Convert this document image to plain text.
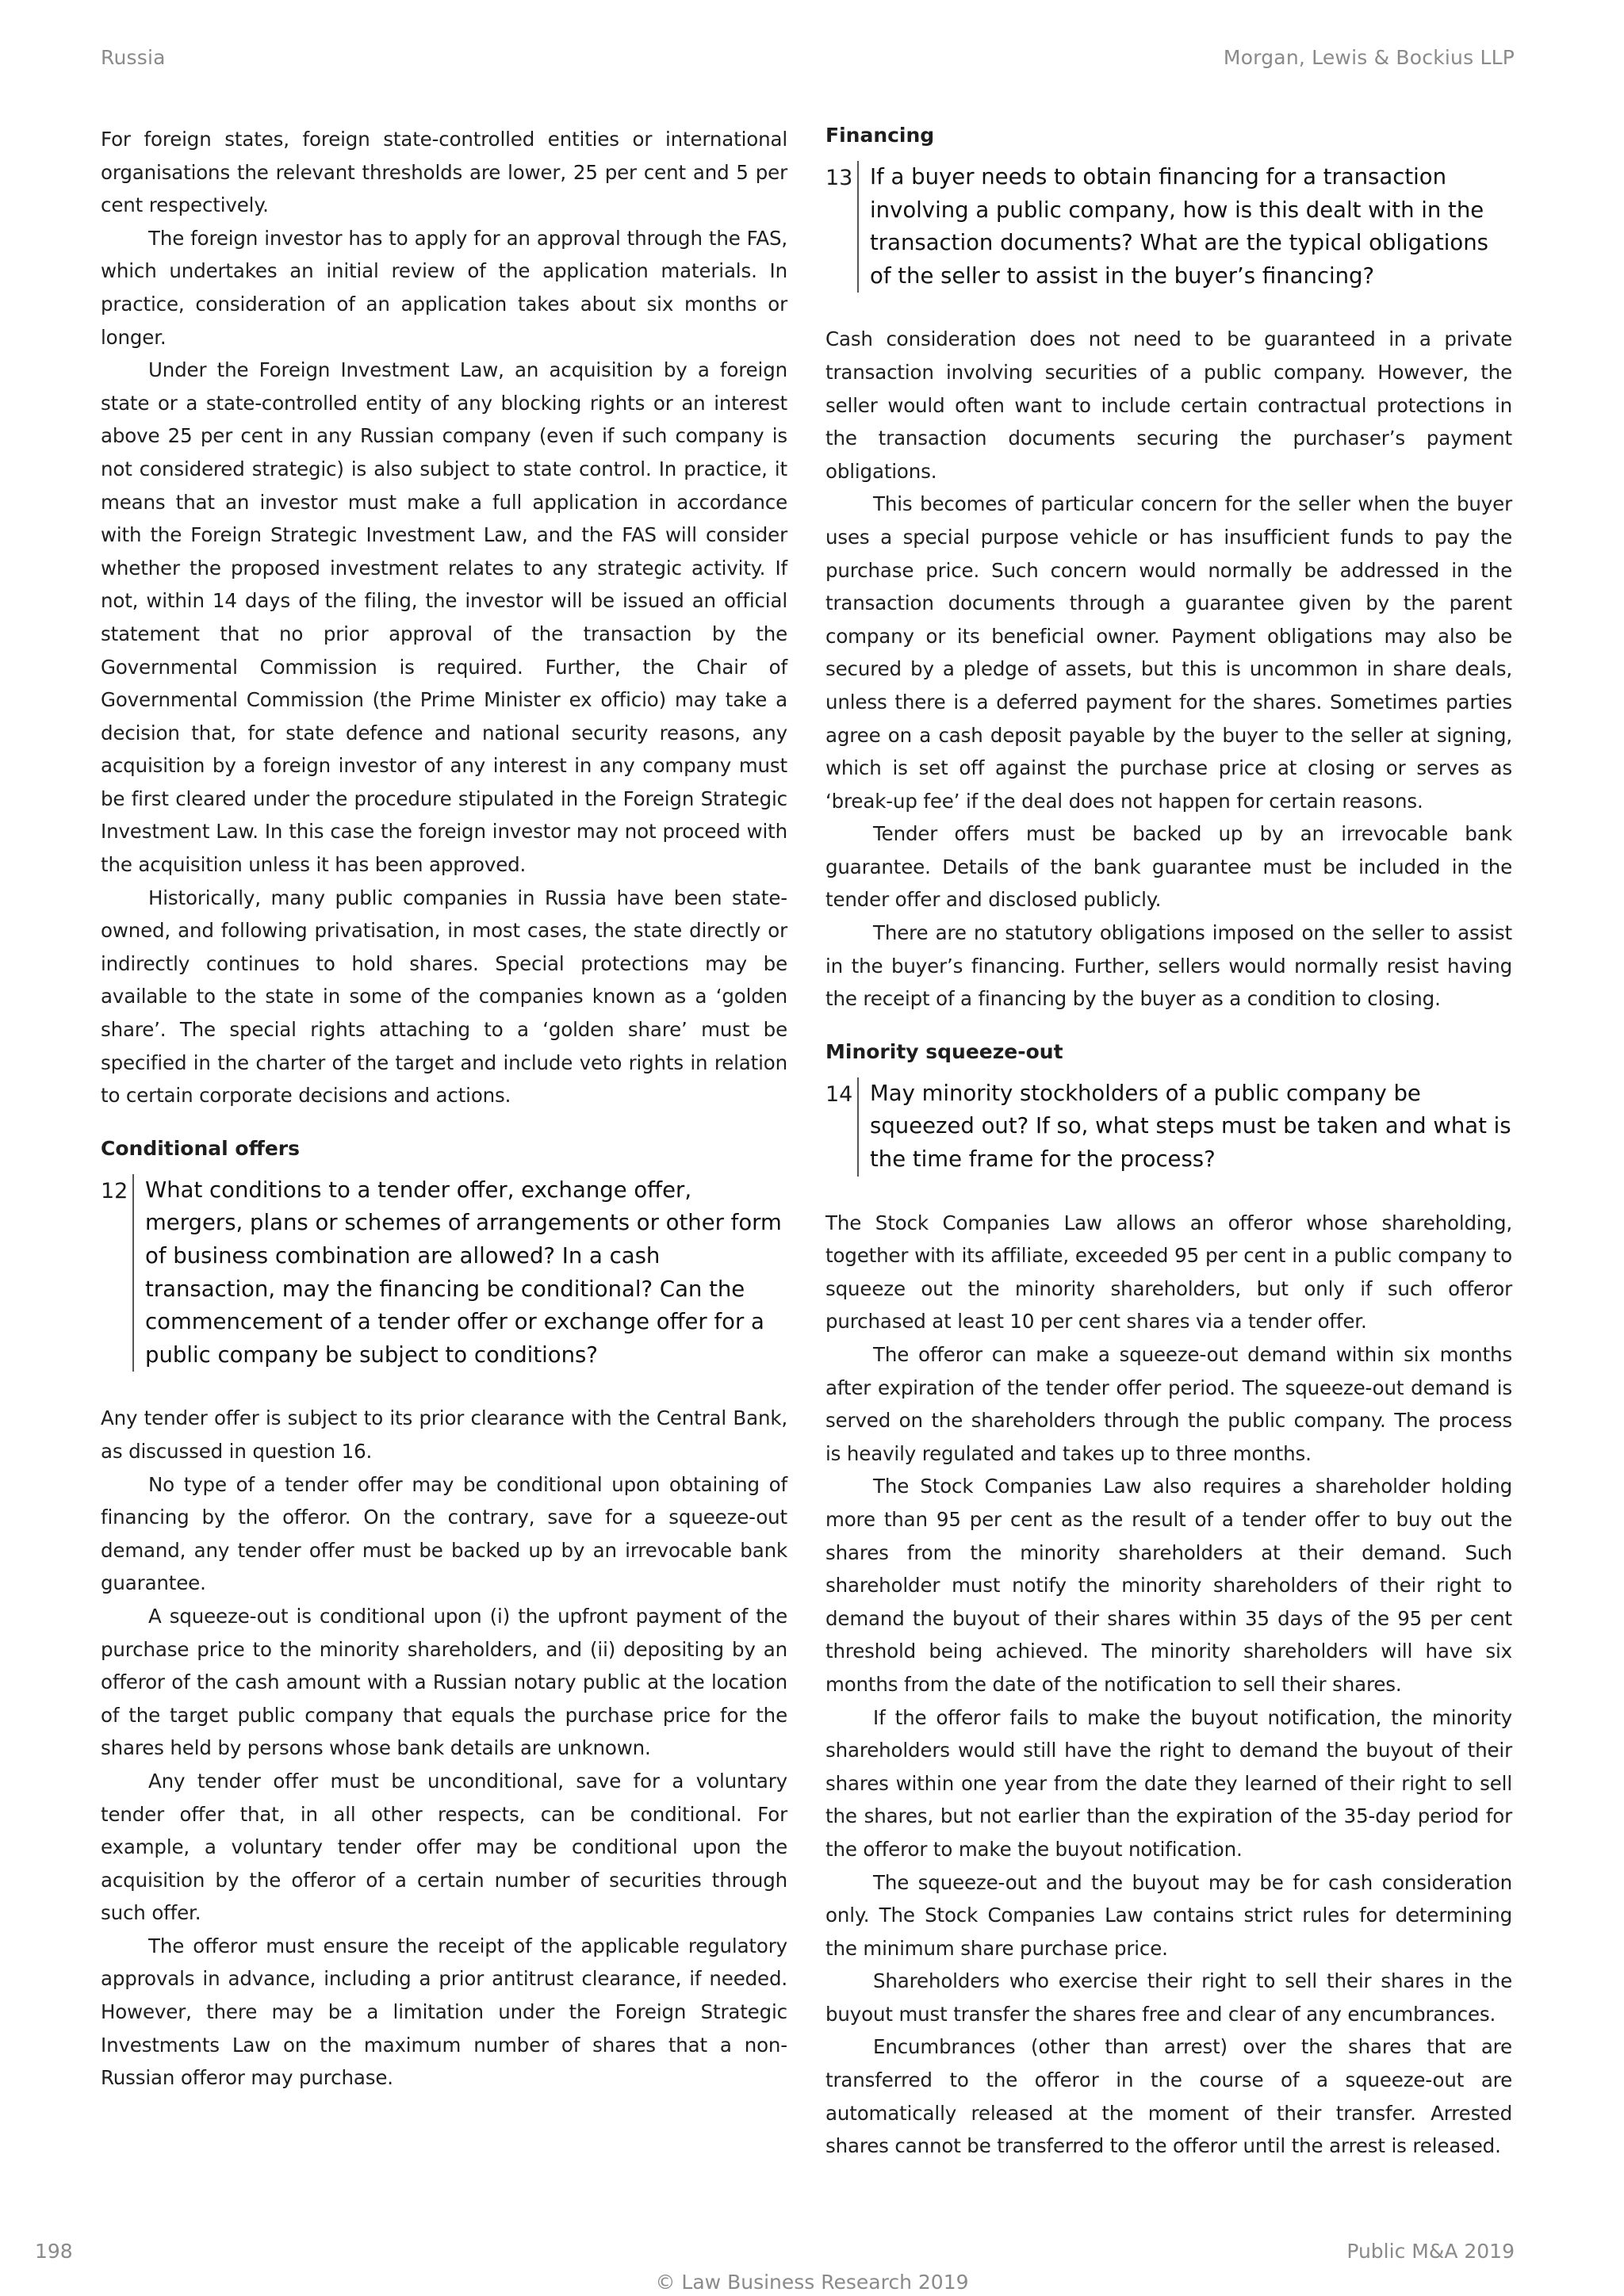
Russia	Morgan, Lewis & Bockius LLP

For foreign states, foreign state-controlled entities or international organisations the relevant thresholds are lower, 25 per cent and 5 per cent respectively.

The foreign investor has to apply for an approval through the FAS, which undertakes an initial review of the application materials. In practice, consideration of an application takes about six months or longer.

Under the Foreign Investment Law, an acquisition by a foreign state or a state-controlled entity of any blocking rights or an interest above 25 per cent in any Russian company (even if such company is not considered strategic) is also subject to state control. In practice, it means that an investor must make a full application in accordance with the Foreign Strategic Investment Law, and the FAS will consider whether the proposed investment relates to any strategic activity. If not, within 14 days of the filing, the investor will be issued an official statement that no prior approval of the transaction by the Governmental Commission is required. Further, the Chair of Governmental Commission (the Prime Minister ex officio) may take a decision that, for state defence and national security reasons, any acquisition by a foreign investor of any interest in any company must be first cleared under the procedure stipulated in the Foreign Strategic Investment Law. In this case the foreign investor may not proceed with the acquisition unless it has been approved.

Historically, many public companies in Russia have been state-owned, and following privatisation, in most cases, the state directly or indirectly continues to hold shares. Special protections may be available to the state in some of the companies known as a ‘golden share’. The special rights attaching to a ‘golden share’ must be specified in the charter of the target and include veto rights in relation to certain corporate decisions and actions.

Conditional offers
12 What conditions to a tender offer, exchange offer, mergers, plans or schemes of arrangements or other form of business combination are allowed? In a cash transaction, may the financing be conditional? Can the commencement of a tender offer or exchange offer for a public company be subject to conditions?

Any tender offer is subject to its prior clearance with the Central Bank, as discussed in question 16.

No type of a tender offer may be conditional upon obtaining of financing by the offeror. On the contrary, save for a squeeze-out demand, any tender offer must be backed up by an irrevocable bank guarantee.

A squeeze-out is conditional upon (i) the upfront payment of the purchase price to the minority shareholders, and (ii) depositing by an offeror of the cash amount with a Russian notary public at the location of the target public company that equals the purchase price for the shares held by persons whose bank details are unknown.

Any tender offer must be unconditional, save for a voluntary tender offer that, in all other respects, can be conditional. For example, a voluntary tender offer may be conditional upon the acquisition by the offeror of a certain number of securities through such offer.

The offeror must ensure the receipt of the applicable regulatory approvals in advance, including a prior antitrust clearance, if needed. However, there may be a limitation under the Foreign Strategic Investments Law on the maximum number of shares that a non-Russian offeror may purchase.

Financing
13 If a buyer needs to obtain financing for a transaction involving a public company, how is this dealt with in the transaction documents? What are the typical obligations of the seller to assist in the buyer’s financing?

Cash consideration does not need to be guaranteed in a private transaction involving securities of a public company. However, the seller would often want to include certain contractual protections in the transaction documents securing the purchaser’s payment obligations.

This becomes of particular concern for the seller when the buyer uses a special purpose vehicle or has insufficient funds to pay the purchase price. Such concern would normally be addressed in the transaction documents through a guarantee given by the parent company or its beneficial owner. Payment obligations may also be secured by a pledge of assets, but this is uncommon in share deals, unless there is a deferred payment for the shares. Sometimes parties agree on a cash deposit payable by the buyer to the seller at signing, which is set off against the purchase price at closing or serves as ‘break-up fee’ if the deal does not happen for certain reasons.

Tender offers must be backed up by an irrevocable bank guarantee. Details of the bank guarantee must be included in the tender offer and disclosed publicly.

There are no statutory obligations imposed on the seller to assist in the buyer’s financing. Further, sellers would normally resist having the receipt of a financing by the buyer as a condition to closing.

Minority squeeze-out
14 May minority stockholders of a public company be squeezed out? If so, what steps must be taken and what is the time frame for the process?

The Stock Companies Law allows an offeror whose shareholding, together with its affiliate, exceeded 95 per cent in a public company to squeeze out the minority shareholders, but only if such offeror purchased at least 10 per cent shares via a tender offer.

The offeror can make a squeeze-out demand within six months after expiration of the tender offer period. The squeeze-out demand is served on the shareholders through the public company. The process is heavily regulated and takes up to three months.

The Stock Companies Law also requires a shareholder holding more than 95 per cent as the result of a tender offer to buy out the shares from the minority shareholders at their demand. Such shareholder must notify the minority shareholders of their right to demand the buyout of their shares within 35 days of the 95 per cent threshold being achieved. The minority shareholders will have six months from the date of the notification to sell their shares.

If the offeror fails to make the buyout notification, the minority shareholders would still have the right to demand the buyout of their shares within one year from the date they learned of their right to sell the shares, but not earlier than the expiration of the 35-day period for the offeror to make the buyout notification.

The squeeze-out and the buyout may be for cash consideration only. The Stock Companies Law contains strict rules for determining the minimum share purchase price.

Shareholders who exercise their right to sell their shares in the buyout must transfer the shares free and clear of any encumbrances.

Encumbrances (other than arrest) over the shares that are transferred to the offeror in the course of a squeeze-out are automatically released at the moment of their transfer. Arrested shares cannot be transferred to the offeror until the arrest is released.

198	Public M&A 2019
© Law Business Research 2019
